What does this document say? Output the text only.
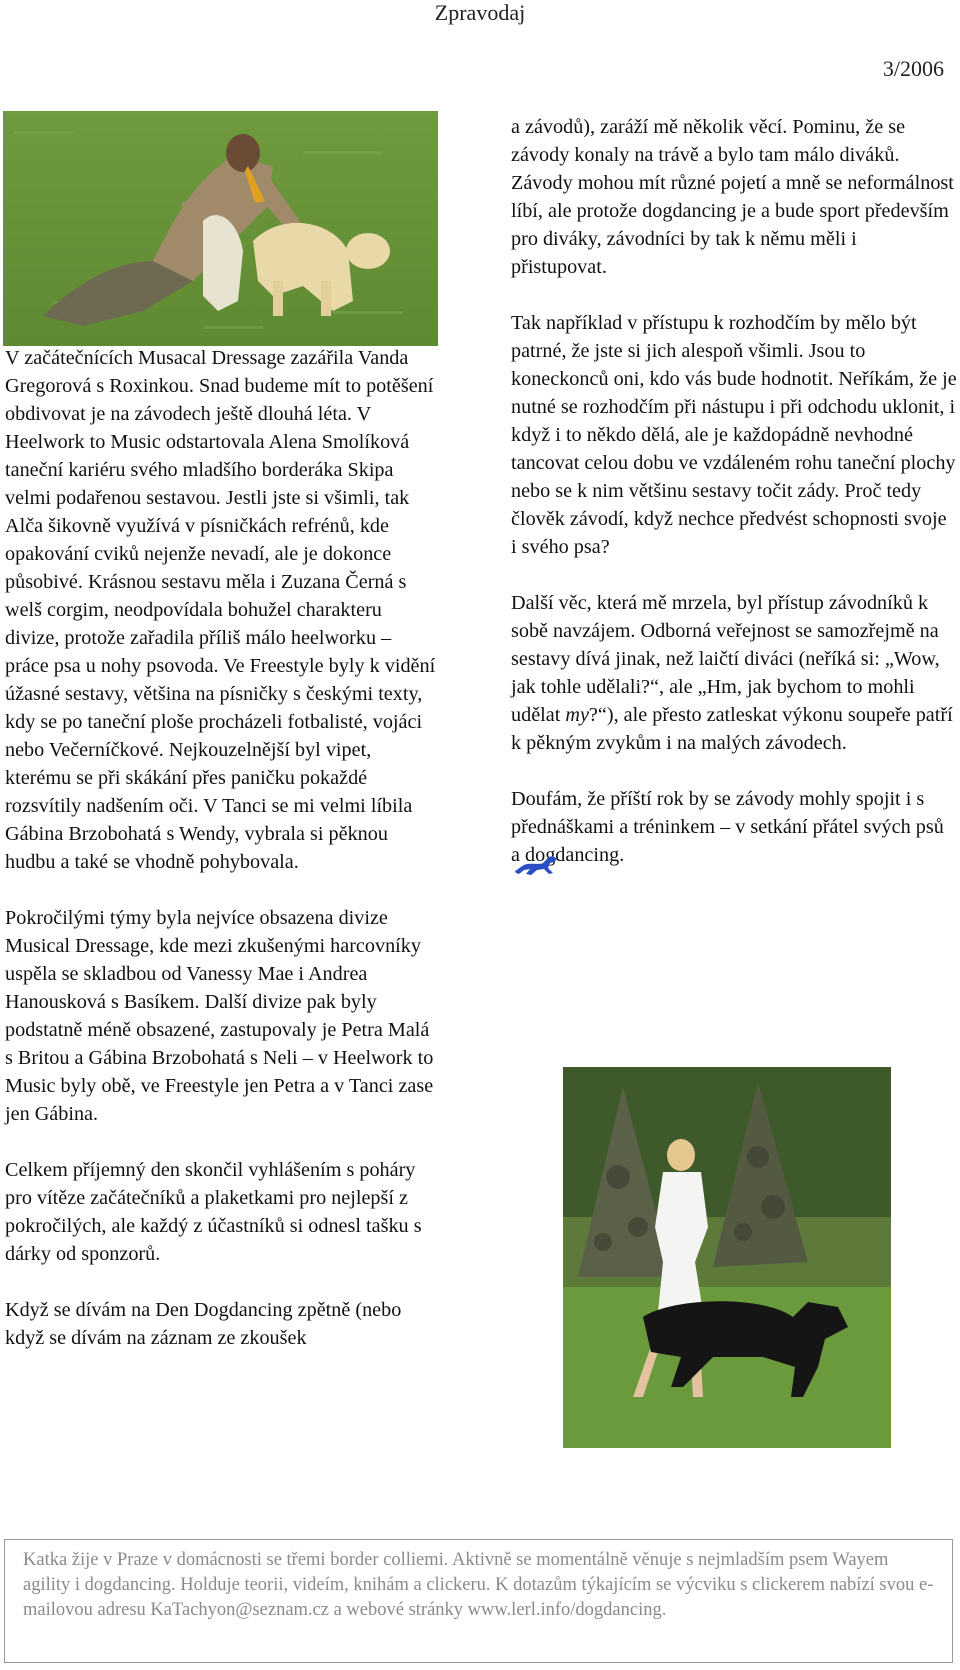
Zpravodaj
3/2006

V začátečnících Musacal Dressage zazářila Vanda Gregorová s Roxinkou. Snad budeme mít to potěšení obdivovat je na závodech ještě dlouhá léta. V Heelwork to Music odstartovala Alena Smolíková taneční kariéru svého mladšího borderáka Skipa velmi podařenou sestavou. Jestli jste si všimli, tak Alča šikovně využívá v písničkách refrénů, kde opakování cviků nejenže nevadí, ale je dokonce působivé. Krásnou sestavu měla i Zuzana Černá s welš corgim, neodpovídala bohužel charakteru divize, protože zařadila příliš málo heelworku – práce psa u nohy psovoda. Ve Freestyle byly k vidění úžasné sestavy, většina na písničky s českými texty, kdy se po taneční ploše procházeli fotbalisté, vojáci nebo Večerníčkové. Nejkouzelnější byl vipet, kterému se při skákání přes paničku pokaždé rozsvítily nadšením oči. V Tanci se mi velmi líbila Gábina Brzobohatá s Wendy, vybrala si pěknou hudbu a také se vhodně pohybovala.

Pokročilými týmy byla nejvíce obsazena divize Musical Dressage, kde mezi zkušenými harcovníky uspěla se skladbou od Vanessy Mae i Andrea Hanousková s Basíkem. Další divize pak byly podstatně méně obsazené, zastupovaly je Petra Malá s Britou a Gábina Brzobohatá s Neli – v Heelwork to Music byly obě, ve Freestyle jen Petra a v Tanci zase jen Gábina.

Celkem příjemný den skončil vyhlášením s poháry pro vítěze začátečníků a plaketkami pro nejlepší z pokročilých, ale každý z účastníků si odnesl tašku s dárky od sponzorů.

Když se dívám na Den Dogdancing zpětně (nebo když se dívám na záznam ze zkoušek

a závodů), zaráží mě několik věcí. Pominu, že se závody konaly na trávě a bylo tam málo diváků. Závody mohou mít různé pojetí a mně se neformálnost líbí, ale protože dogdancing je a bude sport především pro diváky, závodníci by tak k němu měli i přistupovat.

Tak například v přístupu k rozhodčím by mělo být patrné, že jste si jich alespoň všimli. Jsou to koneckonců oni, kdo vás bude hodnotit. Neříkám, že je nutné se rozhodčím při nástupu i při odchodu uklonit, i když i to někdo dělá, ale je každopádně nevhodné tancovat celou dobu ve vzdáleném rohu taneční plochy nebo se k nim většinu sestavy točit zády. Proč tedy člověk závodí, když nechce předvést schopnosti svoje i svého psa?

Další věc, která mě mrzela, byl přístup závodníků k sobě navzájem. Odborná veřejnost se samozřejmě na sestavy dívá jinak, než laičtí diváci (neříká si: „Wow, jak tohle udělali?“, ale „Hm, jak bychom to mohli udělat my?“), ale přesto zatleskat výkonu soupeře patří k pěkným zvykům i na malých závodech.

Doufám, že příští rok by se závody mohly spojit i s přednáškami a tréninkem – v setkání přátel svých psů a dogdancing.

Katka žije v Praze v domácnosti se třemi border colliemi. Aktivně se momentálně věnuje s nejmladším psem Wayem agility i dogdancing. Holduje teorii, videím, knihám a clickeru. K dotazům týkajícím se výcviku s clickerem nabízí svou e-mailovou adresu KaTachyon@seznam.cz a webové stránky www.lerl.info/dogdancing.
